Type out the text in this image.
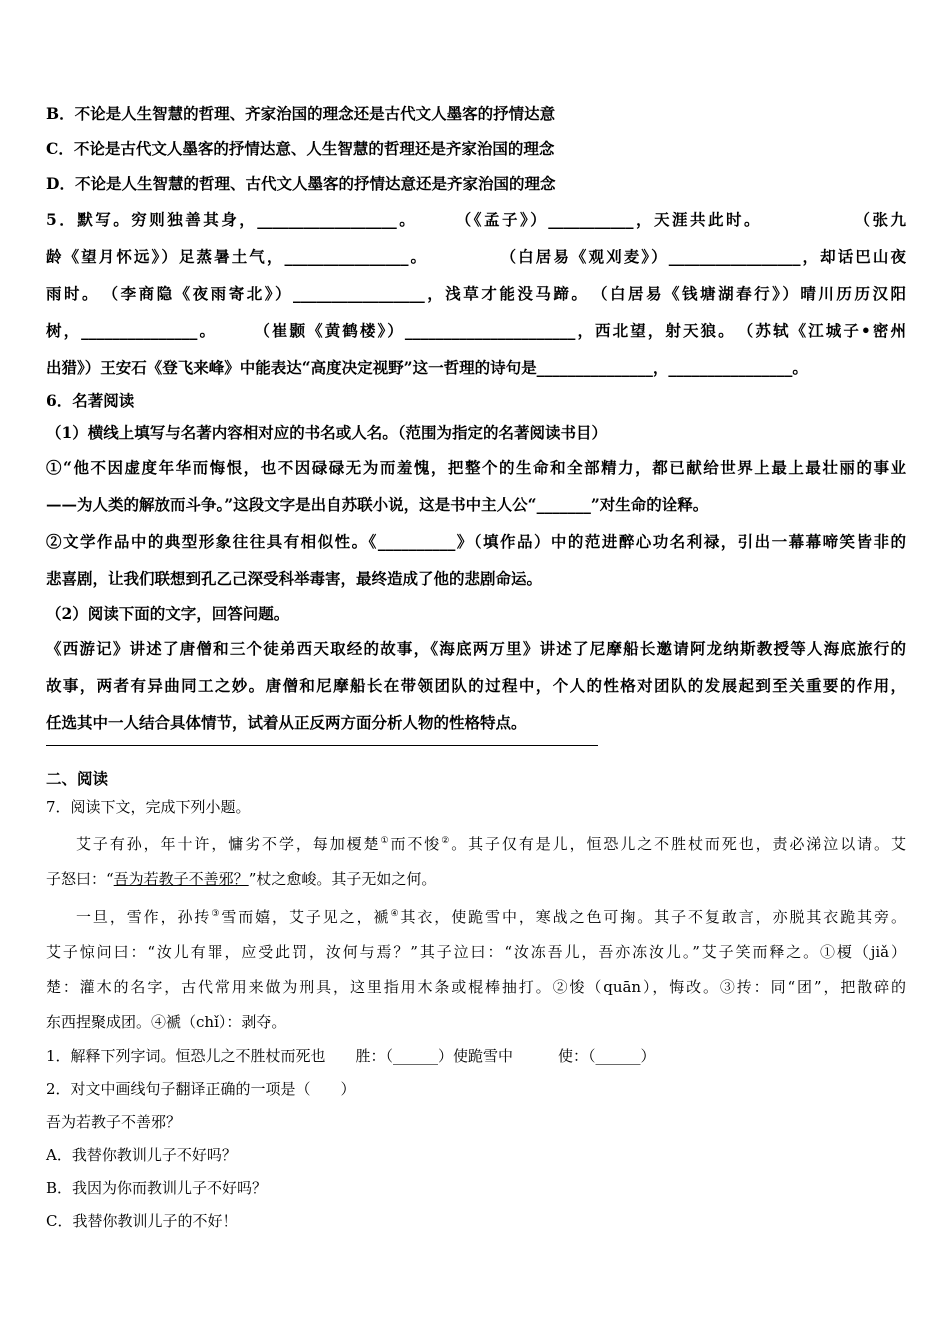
B．不论是人生智慧的哲理、齐家治国的理念还是古代文人墨客的抒情达意
C．不论是古代文人墨客的抒情达意、人生智慧的哲理还是齐家治国的理念
D．不论是人生智慧的哲理、古代文人墨客的抒情达意还是齐家治国的理念
5．默写。穷则独善其身，__________________。　　　（《孟子》）___________，天涯共此时。　　　　　　（张九
龄《望月怀远》）足蒸暑土气，________________。　　　　　（白居易《观刈麦》）_________________，却话巴山夜
雨时。　（李商隐《夜雨寄北》）_________________，浅草才能没马蹄。　（白居易《钱塘湖春行》）晴川历历汉阳
树，_______________。　　　（崔颢《黄鹤楼》）______________________，西北望，射天狼。　（苏轼《江城子•密州
出猎》）王安石《登飞来峰》中能表达“高度决定视野”这一哲理的诗句是_______________，________________。
6．名著阅读
（1）横线上填写与名著内容相对应的书名或人名。（范围为指定的名著阅读书目）
①“他不因虚度年华而悔恨，也不因碌碌无为而羞愧，把整个的生命和全部精力，都已献给世界上最上最壮丽的事业
——为人类的解放而斗争。”这段文字是出自苏联小说，这是书中主人公“_______”对生命的诠释。
②文学作品中的典型形象往往具有相似性。《__________》（填作品）中的范进醉心功名利禄，引出一幕幕啼笑皆非的
悲喜剧，让我们联想到孔乙己深受科举毒害，最终造成了他的悲剧命运。
（2）阅读下面的文字，回答问题。
《西游记》讲述了唐僧和三个徒弟西天取经的故事，《海底两万里》讲述了尼摩船长邀请阿龙纳斯教授等人海底旅行的
故事，两者有异曲同工之妙。唐僧和尼摩船长在带领团队的过程中，个人的性格对团队的发展起到至关重要的作用，
任选其中一人结合具体情节，试着从正反两方面分析人物的性格特点。
二、阅读
7．阅读下文，完成下列小题。
艾子有孙，年十许，慵劣不学，每加榎楚①而不悛②。其子仅有是儿，恒恐儿之不胜杖而死也，责必涕泣以请。艾
子怒曰：“吾为若教子不善邪？”杖之愈峻。其子无如之何。
一旦，雪作，孙抟③雪而嬉，艾子见之，褫④其衣，使跪雪中，寒战之色可掬。其子不复敢言，亦脱其衣跪其旁。
艾子惊问曰：“汝儿有罪，应受此罚，汝何与焉？”其子泣曰：“汝冻吾儿，吾亦冻汝儿。”艾子笑而释之。①榎（jiǎ）
楚：灌木的名字，古代常用来做为刑具，这里指用木条或棍棒抽打。②悛（quān），悔改。③抟：同“团”，把散碎的
东西捏聚成团。④褫（chǐ）：剥夺。
1．解释下列字词。恒恐儿之不胜杖而死也　　胜：（______）使跪雪中　　　使：（______）
2．对文中画线句子翻译正确的一项是（　　）
吾为若教子不善邪？
A．我替你教训儿子不好吗？
B．我因为你而教训儿子不好吗？
C．我替你教训儿子的不好！
